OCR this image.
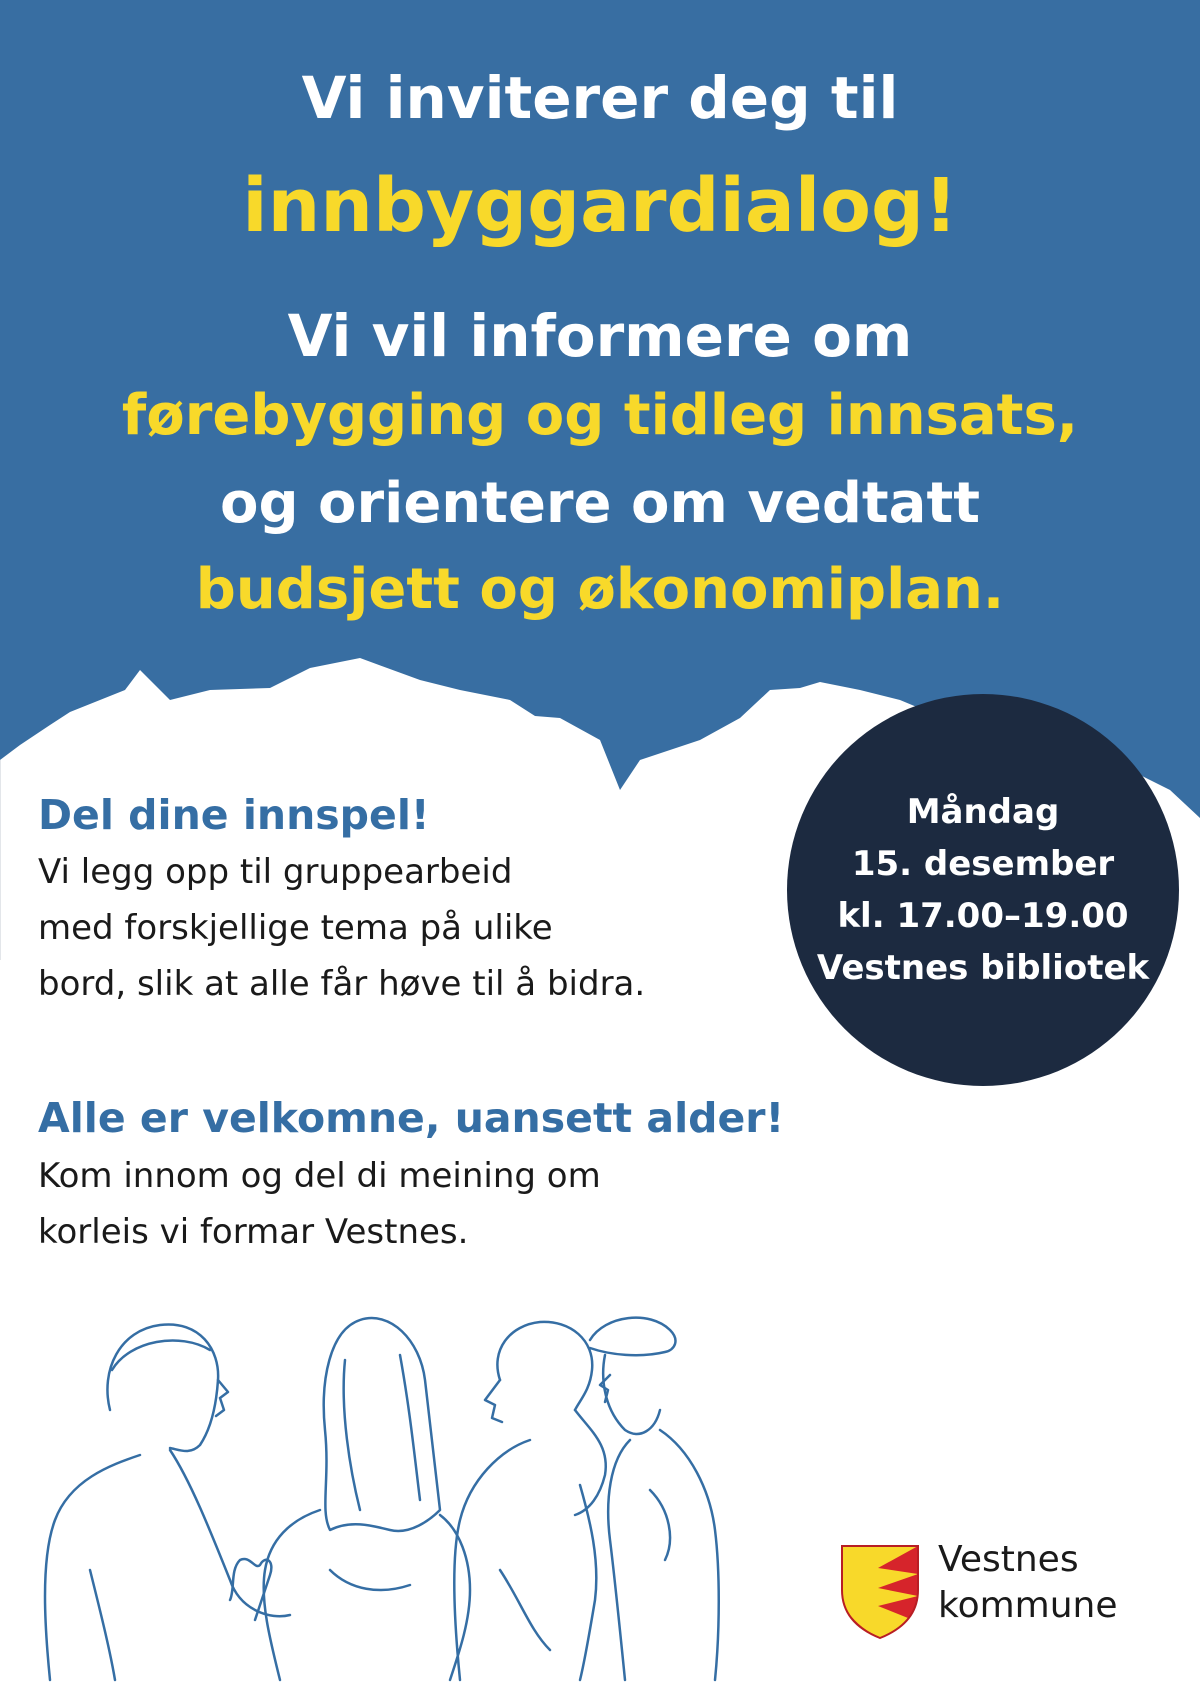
Vi inviterer deg til

innbyggardialog!

Vi vil informere om

førebygging og tidleg innsats,

og orientere om vedtatt

budsjett og økonomiplan.

Måndag
15. desember
kl. 17.00–19.00
Vestnes bibliotek
Del dine innspel!
Vi legg opp til gruppearbeid
med forskjellige tema på ulike
bord, slik at alle får høve til å bidra.
Alle er velkomne, uansett alder!
Kom innom og del di meining om
korleis vi formar Vestnes.
Vestnes
kommune
